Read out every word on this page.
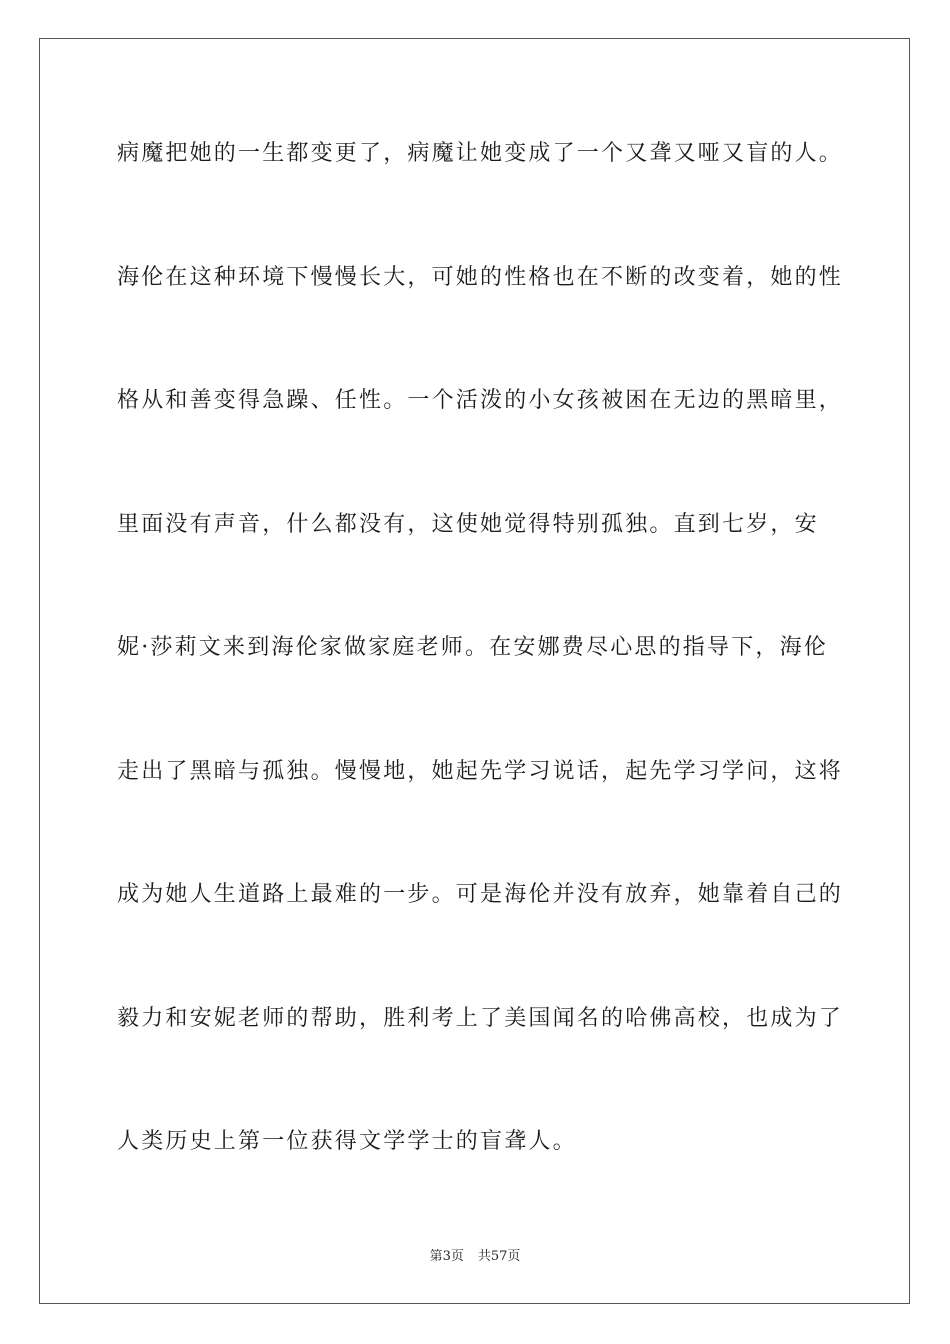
病魔把她的一生都变更了，病魔让她变成了一个又聋又哑又盲的人。
海伦在这种环境下慢慢长大，可她的性格也在不断的改变着，她的性
格从和善变得急躁、任性。一个活泼的小女孩被困在无边的黑暗里，
里面没有声音，什么都没有，这使她觉得特别孤独。直到七岁，安
妮·莎莉文来到海伦家做家庭老师。在安娜费尽心思的指导下，海伦
走出了黑暗与孤独。慢慢地，她起先学习说话，起先学习学问，这将
成为她人生道路上最难的一步。可是海伦并没有放弃，她靠着自己的
毅力和安妮老师的帮助，胜利考上了美国闻名的哈佛高校，也成为了
人类历史上第一位获得文学学士的盲聋人。
第3页 共57页
